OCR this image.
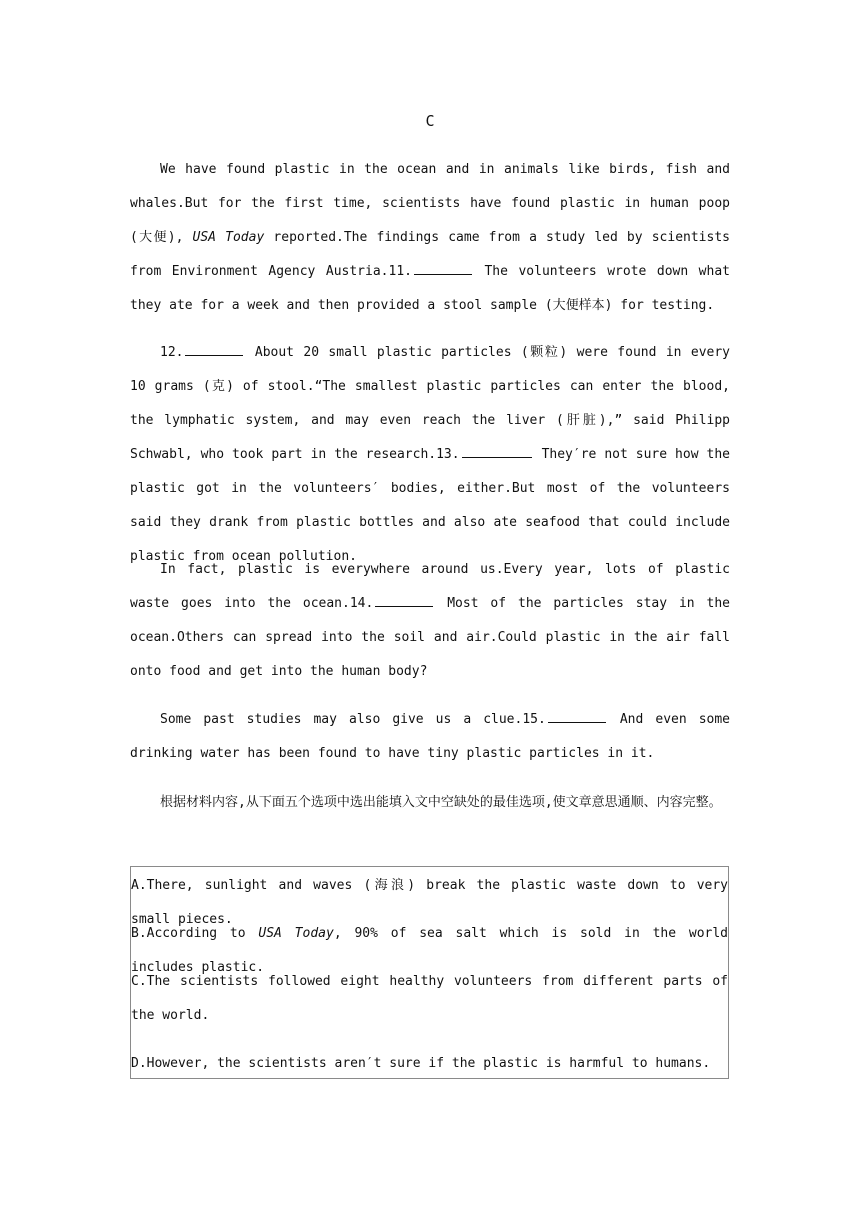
C
We have found plastic in the ocean and in animals like birds, fish and whales.But for the first time, scientists have found plastic in human poop (大便), USA Today reported.The findings came from a study led by scientists from Environment Agency Austria.11.	The volunteers wrote down what they ate for a week and then provided a stool sample (大便样本) for testing.
12.	About 20 small plastic particles (颗粒) were found in every 10 grams (克) of stool.“The smallest plastic particles can enter the blood, the lymphatic system, and may even reach the liver (肝脏),” said Philipp Schwabl, who took part in the research.13.	They′re not sure how the plastic got in the volunteers′ bodies, either.But most of the volunteers said they drank from plastic bottles and also ate seafood that could include plastic from ocean pollution.
In fact, plastic is everywhere around us.Every year, lots of plastic waste goes into the ocean.14.	Most of the particles stay in the ocean.Others can spread into the soil and air.Could plastic in the air fall onto food and get into the human body?
Some past studies may also give us a clue.15.	And even some drinking water has been found to have tiny plastic particles in it.
根据材料内容,从下面五个选项中选出能填入文中空缺处的最佳选项,使文章意思通顺、内容完整。
A.There, sunlight and waves (海浪) break the plastic waste down to very small pieces.
B.According to USA Today, 90% of sea salt which is sold in the world includes plastic.
C.The scientists followed eight healthy volunteers from different parts of the world.
D.However, the scientists aren′t sure if the plastic is harmful to humans.
